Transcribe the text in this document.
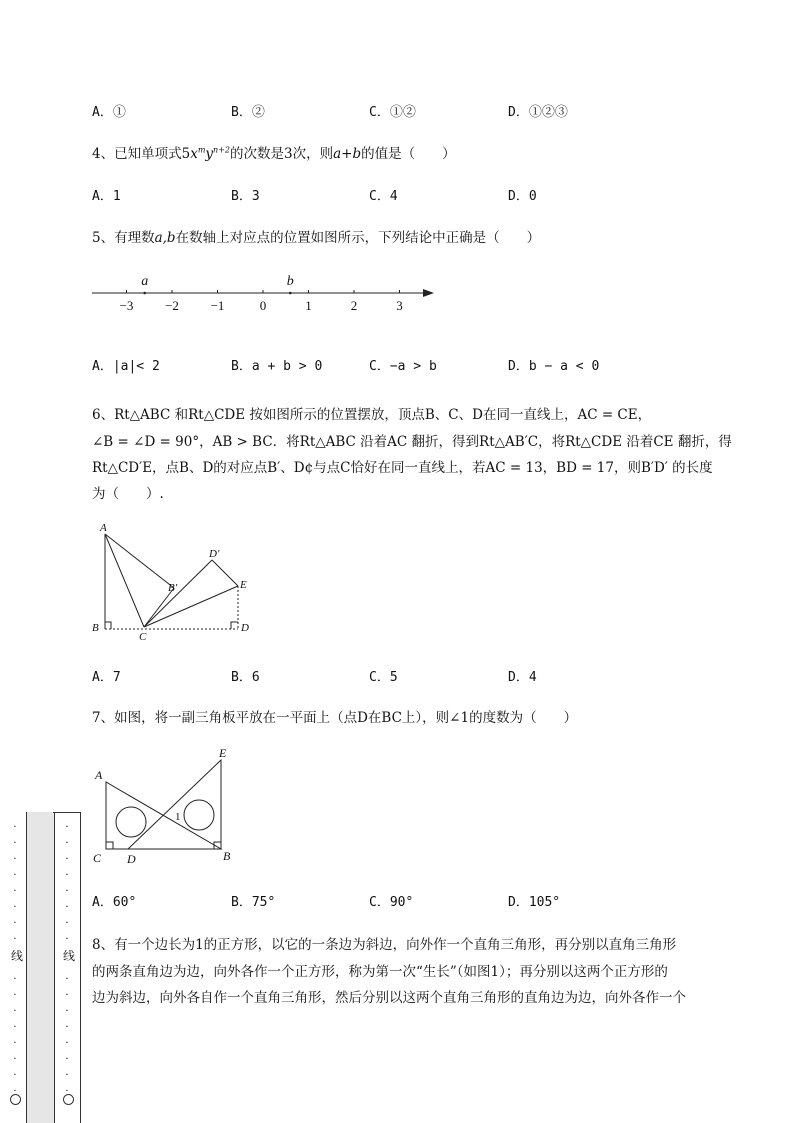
A．①	B．②	C．①②	D．①②③
4、已知单项式$5x^my^{n+2}$的次数是3次，则a+b的值是（　　）
A．1	B．3	C．4	D．0
5、有理数a,b在数轴上对应点的位置如图所示，下列结论中正确是（　　）
−3 −2 −1	0	1	2	3
a	b
A．|a|< 2	B．a + b > 0	C．−a > b	D．b − a < 0
6、Rt△ABC 和Rt△CDE 按如图所示的位置摆放，顶点B、C、D在同一直线上，AC = CE，
∠B = ∠D = 90°，AB > BC．将Rt△ABC 沿着AC 翻折，得到Rt△AB′C，将Rt△CDE 沿着CE 翻折，得
Rt△CD′E，点B、D的对应点B′、D¢与点C恰好在同一直线上，若AC = 13，BD = 17，则B′D′ 的长度
为（　　）.
A
B
C
D
E
B′
D′
A．7	B．6	C．5	D．4
7、如图，将一副三角板平放在一平面上（点D在BC上），则∠1的度数为（　　）
A
B
C D
E
1
A．60°	B．75°	C．90°	D．105°
8、有一个边长为1的正方形，以它的一条边为斜边，向外作一个直角三角形，再分别以直角三角形
的两条直角边为边，向外各作一个正方形，称为第一次“生长”（如图1）；再分别以这两个正方形的
边为斜边，向外各自作一个直角三角形，然后分别以这两个直角三角形的直角边为边，向外各作一个
·
·
·
·
·
·
·
·
·
·
·
·
·
·
·
·
线	线
·
·
·
·
·
·
·
·
·
·
·
·
·
·
·
·
